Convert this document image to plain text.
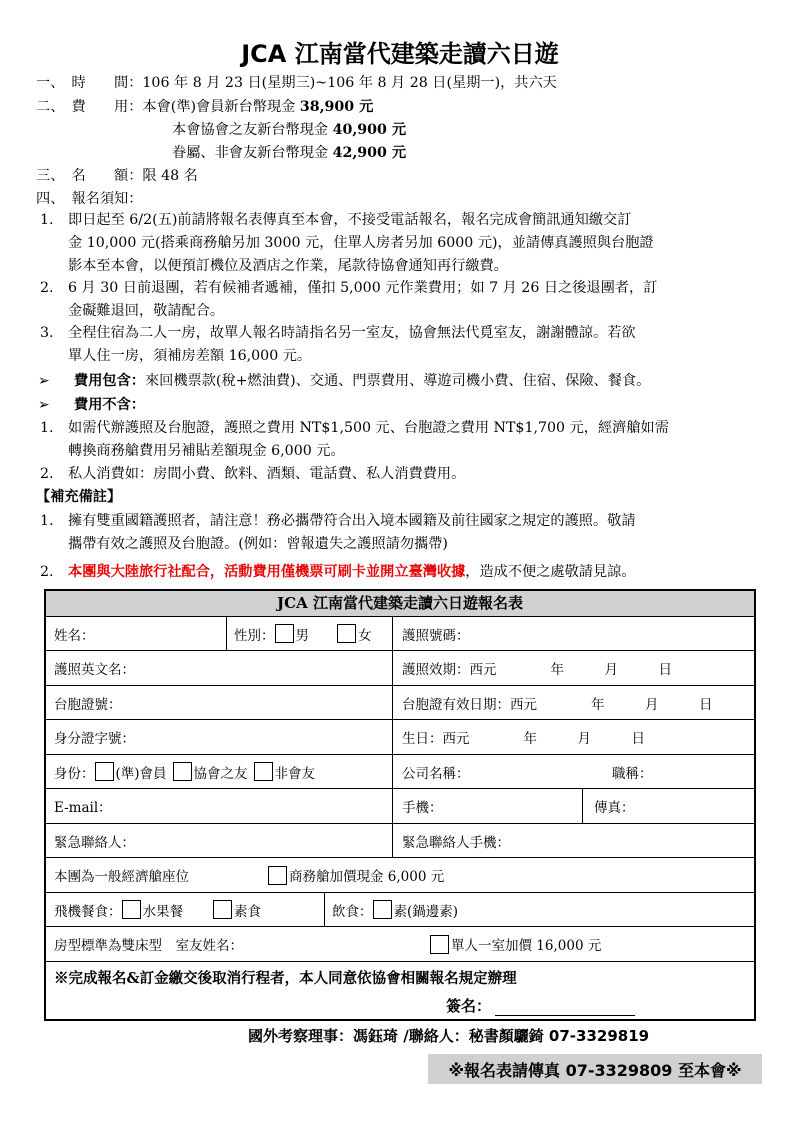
JCA 江南當代建築走讀六日遊
一、　時　　間：106 年 8 月 23 日(星期三)~106 年 8 月 28 日(星期一)，共六天
二、　費　　用：本會(準)會員新台幣現金 38,900 元
本會協會之友新台幣現金 40,900 元
眷屬、非會友新台幣現金 42,900 元
三、　名　　額：限 48 名
四、　報名須知：
1. 即日起至 6/2(五)前請將報名表傳真至本會，不接受電話報名，報名完成會簡訊通知繳交訂
金 10,000 元(搭乘商務艙另加 3000 元，住單人房者另加 6000 元)，並請傳真護照與台胞證
影本至本會，以便預訂機位及酒店之作業，尾款待協會通知再行繳費。
2. 6 月 30 日前退團，若有候補者遞補，僅扣 5,000 元作業費用；如 7 月 26 日之後退團者，訂
金礙難退回，敬請配合。
3. 全程住宿為二人一房，故單人報名時請指名另一室友，協會無法代覓室友，謝謝體諒。若欲
單人住一房，須補房差額 16,000 元。
➢ 費用包含：來回機票款(稅+燃油費)、交通、門票費用、導遊司機小費、住宿、保險、餐食。
➢ 費用不含：
1. 如需代辦護照及台胞證，護照之費用 NT$1,500 元、台胞證之費用 NT$1,700 元，經濟艙如需
轉換商務艙費用另補貼差額現金 6,000 元。
2. 私人消費如：房間小費、飲料、酒類、電話費、私人消費費用。
【補充備註】
1. 擁有雙重國籍護照者，請注意！務必攜帶符合出入境本國籍及前往國家之規定的護照。敬請
攜帶有效之護照及台胞證。(例如：曾報遺失之護照請勿攜帶)
2. 本團與大陸旅行社配合，活動費用僅機票可刷卡並開立臺灣收據，造成不便之處敬請見諒。
JCA 江南當代建築走讀六日遊報名表
姓名：	性別： 男	女 護照號碼：
護照英文名：	護照效期：西元　　　　年　　　月　　　日
台胞證號：	台胞證有效日期：西元　　　　年　　　月　　　日
身分證字號：	生日：西元　　　　年　　　月　　　日
身份： (準)會員 協會之友 非會友	公司名稱：	職稱：
E-mail：	手機：	傳真：
緊急聯絡人：	緊急聯絡人手機：
本團為一般經濟艙座位	商務艙加價現金 6,000 元
飛機餐食： 水果餐	素食	飲食： 素(鍋邊素)
房型標準為雙床型　室友姓名：	單人一室加價 16,000 元
※完成報名&訂金繳交後取消行程者，本人同意依協會相關報名規定辦理
簽名：
國外考察理事：馮鈺琦 /聯絡人：秘書顏驪錡 07-3329819
※報名表請傳真 07-3329809 至本會※
